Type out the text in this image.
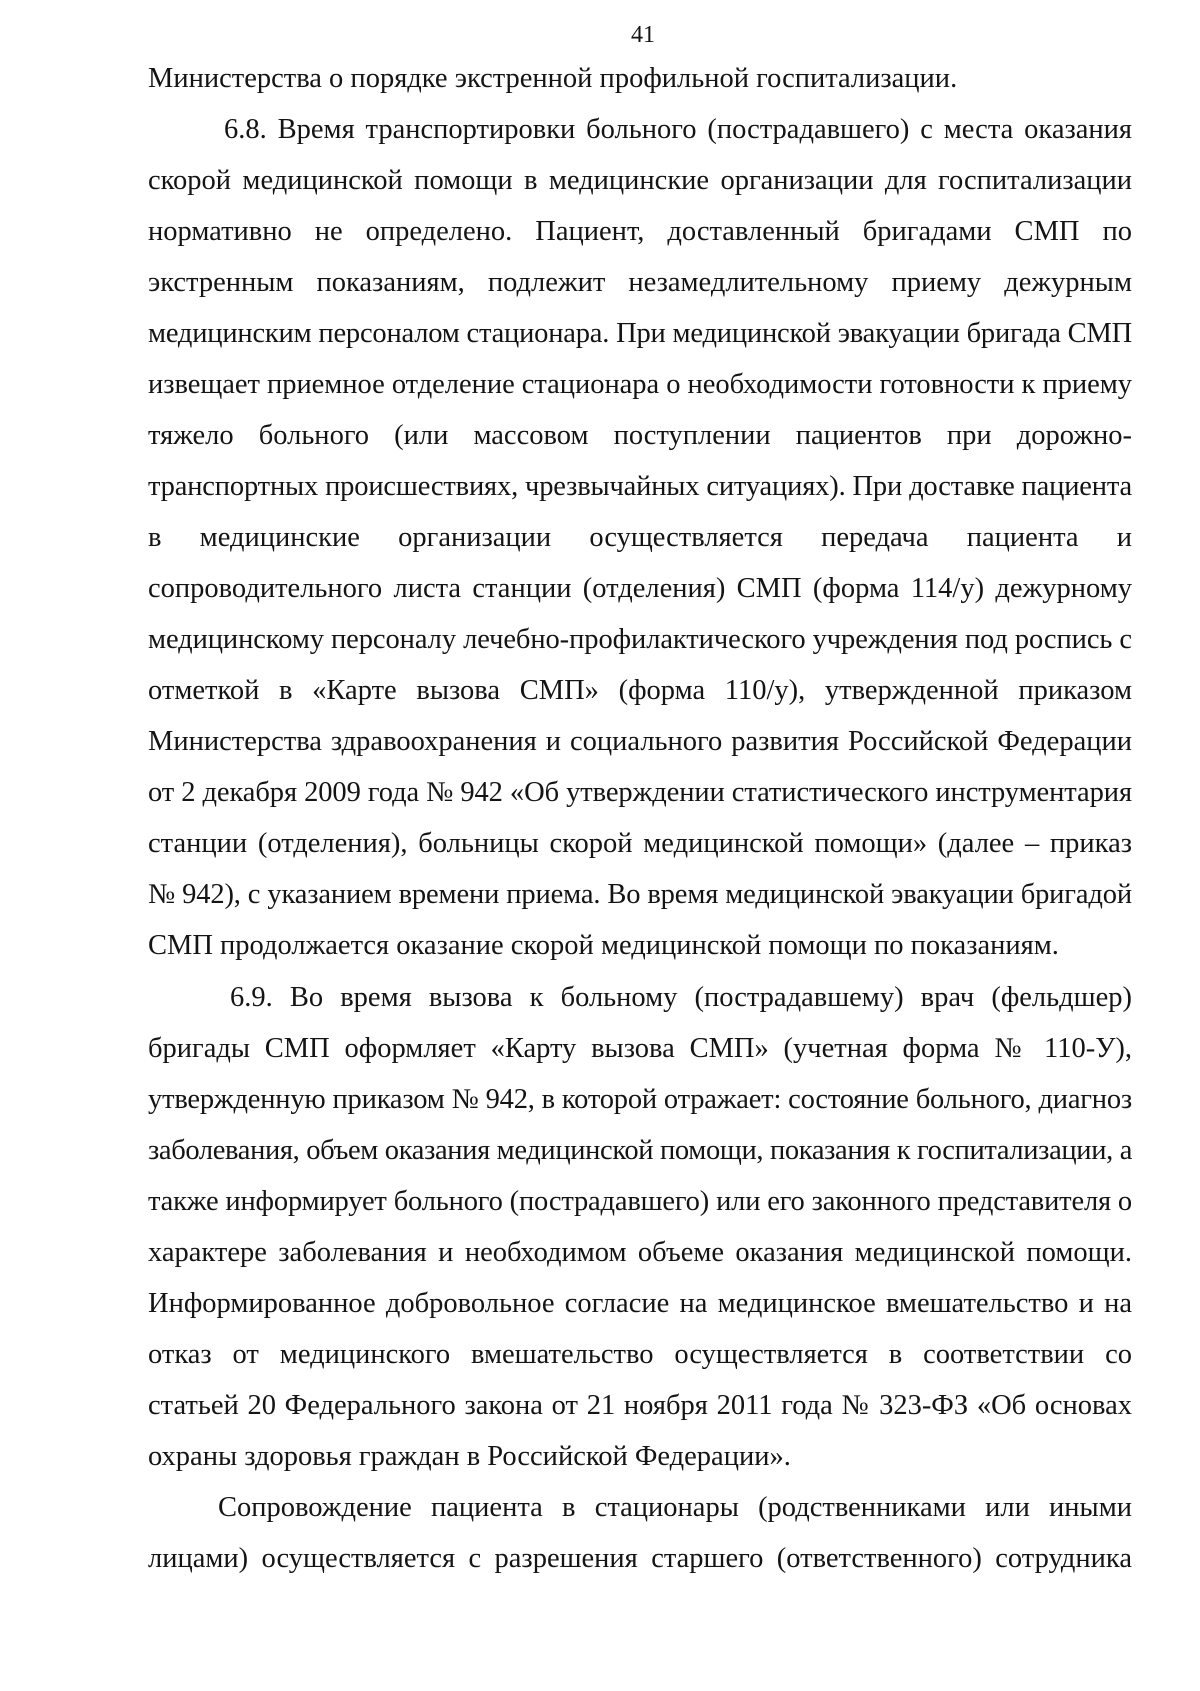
41
Министерства о порядке экстренной профильной госпитализации.
6.8. Время транспортировки больного (пострадавшего) с места оказания
скорой медицинской помощи в медицинские организации для госпитализации
нормативно не определено. Пациент, доставленный бригадами СМП по
экстренным показаниям, подлежит незамедлительному приему дежурным
медицинским персоналом стационара. При медицинской эвакуации бригада СМП
извещает приемное отделение стационара о необходимости готовности к приему
тяжело больного (или массовом поступлении пациентов при дорожно-
транспортных происшествиях, чрезвычайных ситуациях). При доставке пациента
в медицинские организации осуществляется передача пациента и
сопроводительного листа станции (отделения) СМП (форма 114/у) дежурному
медицинскому персоналу лечебно-профилактического учреждения под роспись с
отметкой в «Карте вызова СМП» (форма 110/у), утвержденной приказом
Министерства здравоохранения и социального развития Российской Федерации
от 2 декабря 2009 года № 942 «Об утверждении статистического инструментария
станции (отделения), больницы скорой медицинской помощи» (далее – приказ
№ 942), с указанием времени приема. Во время медицинской эвакуации бригадой
СМП продолжается оказание скорой медицинской помощи по показаниям.
6.9. Во время вызова к больному (пострадавшему) врач (фельдшер)
бригады СМП оформляет «Карту вызова СМП» (учетная форма № 110-У),
утвержденную приказом № 942, в которой отражает: состояние больного, диагноз
заболевания, объем оказания медицинской помощи, показания к госпитализации, а
также информирует больного (пострадавшего) или его законного представителя о
характере заболевания и необходимом объеме оказания медицинской помощи.
Информированное добровольное согласие на медицинское вмешательство и на
отказ от медицинского вмешательство осуществляется в соответствии со
статьей 20 Федерального закона от 21 ноября 2011 года № 323-ФЗ «Об основах
охраны здоровья граждан в Российской Федерации».
Сопровождение пациента в стационары (родственниками или иными
лицами) осуществляется с разрешения старшего (ответственного) сотрудника
